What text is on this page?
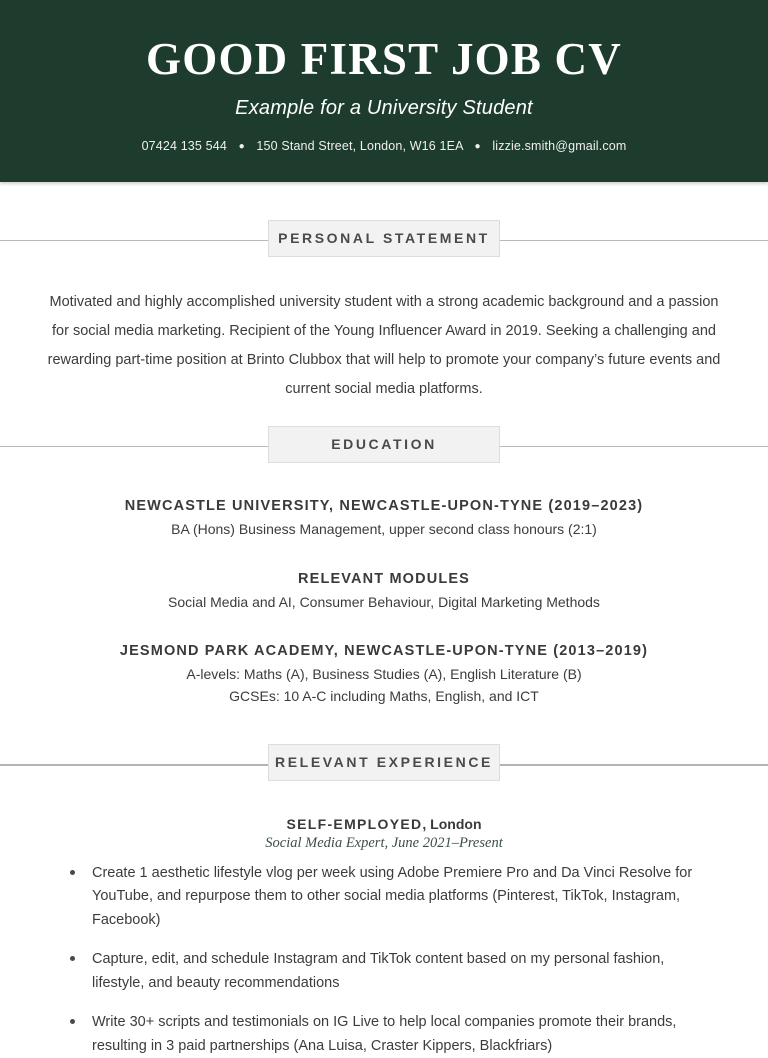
GOOD FIRST JOB CV
Example for a University Student
07424 135 544 ● 150 Stand Street, London, W16 1EA ● lizzie.smith@gmail.com
PERSONAL STATEMENT

Motivated and highly accomplished university student with a strong academic background and a passion for social media marketing. Recipient of the Young Influencer Award in 2019. Seeking a challenging and rewarding part-time position at Brinto Clubbox that will help to promote your company’s future events and current social media platforms.

EDUCATION
NEWCASTLE UNIVERSITY, NEWCASTLE-UPON-TYNE (2019–2023)
BA (Hons) Business Management, upper second class honours (2:1)
RELEVANT MODULES
Social Media and AI, Consumer Behaviour, Digital Marketing Methods
JESMOND PARK ACADEMY, NEWCASTLE-UPON-TYNE (2013–2019)
A-levels: Maths (A), Business Studies (A), English Literature (B)
GCSEs: 10 A-C including Maths, English, and ICT
RELEVANT EXPERIENCE
SELF-EMPLOYED, London
Social Media Expert, June 2021–Present
Create 1 aesthetic lifestyle vlog per week using Adobe Premiere Pro and Da Vinci Resolve for YouTube, and repurpose them to other social media platforms (Pinterest, TikTok, Instagram, Facebook)
Capture, edit, and schedule Instagram and TikTok content based on my personal fashion, lifestyle, and beauty recommendations
Write 30+ scripts and testimonials on IG Live to help local companies promote their brands, resulting in 3 paid partnerships (Ana Luisa, Craster Kippers, Blackfriars)
